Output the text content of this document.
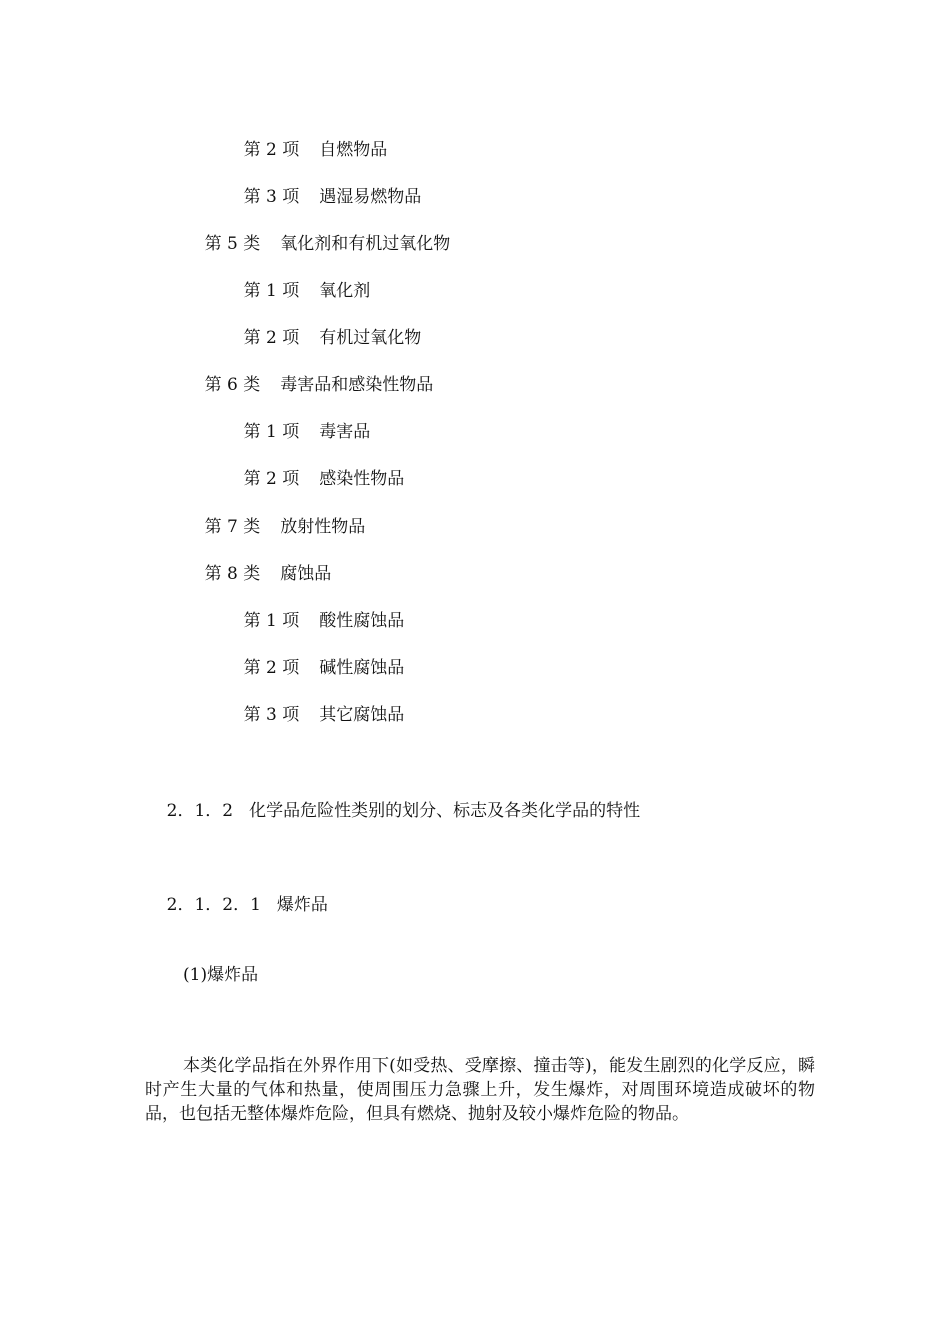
第 2 项 自燃物品

第 3 项 遇湿易燃物品

第 5 类 氧化剂和有机过氧化物

第 1 项 氧化剂

第 2 项 有机过氧化物

第 6 类 毒害品和感染性物品

第 1 项 毒害品

第 2 项 感染性物品

第 7 类 放射性物品

第 8 类 腐蚀品

第 1 项 酸性腐蚀品

第 2 项 碱性腐蚀品

第 3 项 其它腐蚀品

2．1．2 化学品危险性类别的划分、标志及各类化学品的特性

2．1．2．1 爆炸品

(1)爆炸品

本类化学品指在外界作用下(如受热、受摩擦、撞击等)，能发生剧烈的化学反应，瞬时产生大量的气体和热量，使周围压力急骤上升，发生爆炸，对周围环境造成破坏的物品，也包括无整体爆炸危险，但具有燃烧、抛射及较小爆炸危险的物品。
